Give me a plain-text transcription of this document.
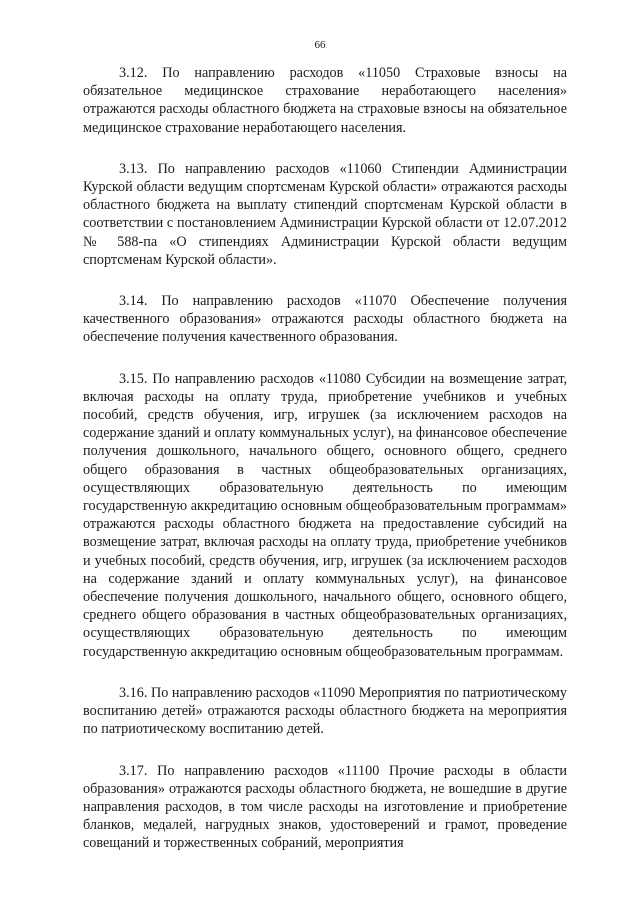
66

3.12. По направлению расходов «11050 Страховые взносы на обязательное медицинское страхование неработающего населения» отражаются расходы областного бюджета на страховые взносы на обязательное медицинское страхование неработающего населения.

3.13. По направлению расходов «11060 Стипендии Администрации Курской области ведущим спортсменам Курской области» отражаются расходы областного бюджета на выплату стипендий спортсменам Курской области в соответствии с постановлением Администрации Курской области от 12.07.2012 № 588-па «О стипендиях Администрации Курской области ведущим спортсменам Курской области».

3.14. По направлению расходов «11070 Обеспечение получения качественного образования» отражаются расходы областного бюджета на обеспечение получения качественного образования.

3.15. По направлению расходов «11080 Субсидии на возмещение затрат, включая расходы на оплату труда, приобретение учебников и учебных пособий, средств обучения, игр, игрушек (за исключением расходов на содержание зданий и оплату коммунальных услуг), на финансовое обеспечение получения дошкольного, начального общего, основного общего, среднего общего образования в частных общеобразовательных организациях, осуществляющих образовательную деятельность по имеющим государственную аккредитацию основным общеобразовательным программам» отражаются расходы областного бюджета на предоставление субсидий на возмещение затрат, включая расходы на оплату труда, приобретение учебников и учебных пособий, средств обучения, игр, игрушек (за исключением расходов на содержание зданий и оплату коммунальных услуг), на финансовое обеспечение получения дошкольного, начального общего, основного общего, среднего общего образования в частных общеобразовательных организациях, осуществляющих образовательную деятельность по имеющим государственную аккредитацию основным общеобразовательным программам.

3.16. По направлению расходов «11090 Мероприятия по патриотическому воспитанию детей» отражаются расходы областного бюджета на мероприятия по патриотическому воспитанию детей.

3.17. По направлению расходов «11100 Прочие расходы в области образования» отражаются расходы областного бюджета, не вошедшие в другие направления расходов, в том числе расходы на изготовление и приобретение бланков, медалей, нагрудных знаков, удостоверений и грамот, проведение совещаний и торжественных собраний, мероприятия
